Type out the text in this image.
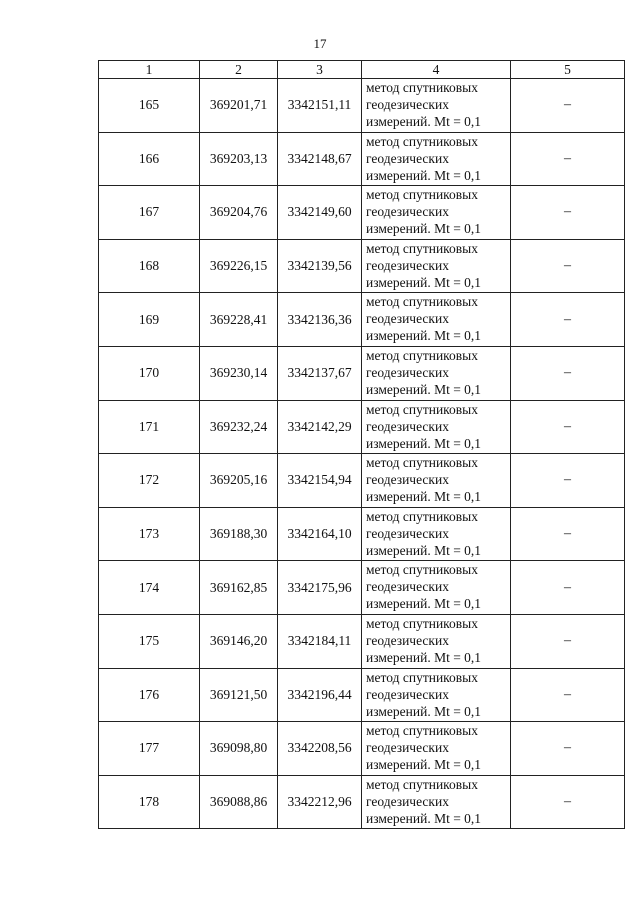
17
1	2	3	4	5
165	369201,71	3342151,11	метод спутниковых
геодезических
измерений. Mt = 0,1	–
166	369203,13	3342148,67	метод спутниковых
геодезических
измерений. Mt = 0,1	–
167	369204,76	3342149,60	метод спутниковых
геодезических
измерений. Mt = 0,1	–
168	369226,15	3342139,56	метод спутниковых
геодезических
измерений. Mt = 0,1	–
169	369228,41	3342136,36	метод спутниковых
геодезических
измерений. Mt = 0,1	–
170	369230,14	3342137,67	метод спутниковых
геодезических
измерений. Mt = 0,1	–
171	369232,24	3342142,29	метод спутниковых
геодезических
измерений. Mt = 0,1	–
172	369205,16	3342154,94	метод спутниковых
геодезических
измерений. Mt = 0,1	–
173	369188,30	3342164,10	метод спутниковых
геодезических
измерений. Mt = 0,1	–
174	369162,85	3342175,96	метод спутниковых
геодезических
измерений. Mt = 0,1	–
175	369146,20	3342184,11	метод спутниковых
геодезических
измерений. Mt = 0,1	–
176	369121,50	3342196,44	метод спутниковых
геодезических
измерений. Mt = 0,1	–
177	369098,80	3342208,56	метод спутниковых
геодезических
измерений. Mt = 0,1	–
178	369088,86	3342212,96	метод спутниковых
геодезических
измерений. Mt = 0,1	–
